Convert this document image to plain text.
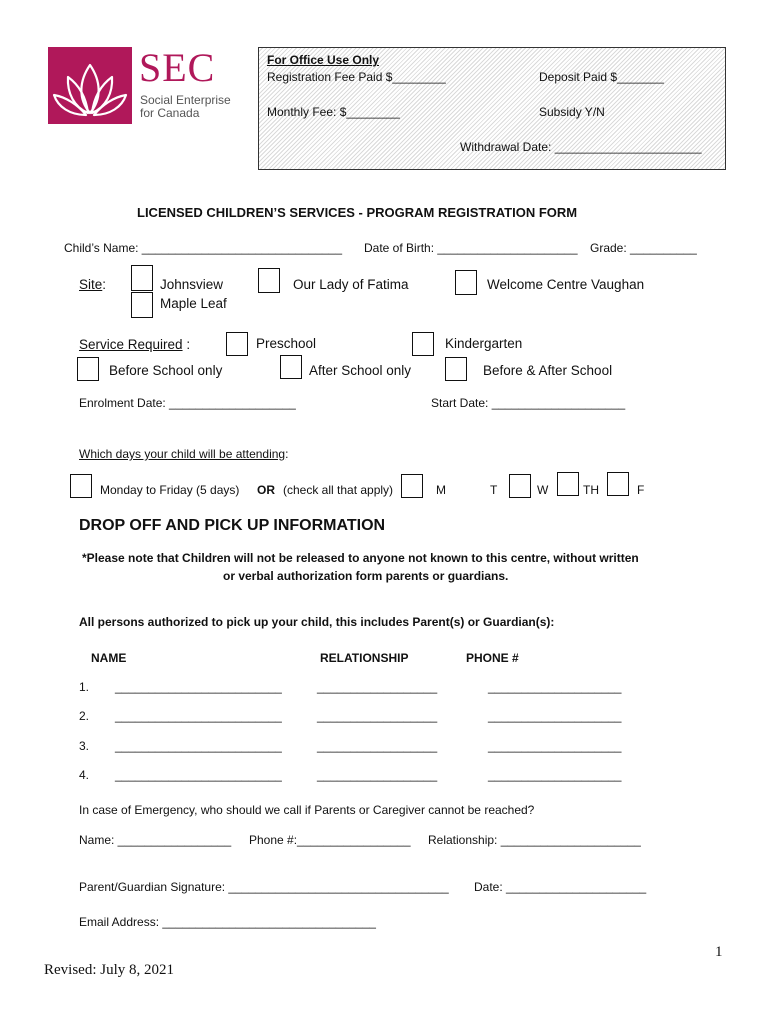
SEC
Social Enterprise
for Canada
For Office Use Only
Registration Fee Paid $________	Deposit Paid $_______
Monthly Fee: $________	Subsidy Y/N
Withdrawal Date: ______________________
LICENSED CHILDREN’S SERVICES - PROGRAM REGISTRATION FORM
Child’s Name: ______________________________ Date of Birth: _____________________ Grade: __________
Site:	Johnsview
Maple Leaf
Our Lady of Fatima	Welcome Centre Vaughan
Service Required :	Preschool	Kindergarten
Before School only	After School only	Before & After School
Enrolment Date: ___________________	Start Date: ____________________
Which days your child will be attending:
Monday to Friday (5 days) OR (check all that apply)	M	T	W	TH	F
DROP OFF AND PICK UP INFORMATION
*Please note that Children will not be released to anyone not known to this centre, without written
or verbal authorization form parents or guardians.
All persons authorized to pick up your child, this includes Parent(s) or Guardian(s):
NAME	RELATIONSHIP	PHONE #
1. _________________________	__________________	____________________
2. _________________________	__________________	____________________
3. _________________________	__________________	____________________
4. _________________________	__________________	____________________
In case of Emergency, who should we call if Parents or Caregiver cannot be reached?
Name: _________________ Phone #:_________________ Relationship: _____________________
Parent/Guardian Signature: _________________________________ Date: _____________________
Email Address: ________________________________
1
Revised: July 8, 2021
